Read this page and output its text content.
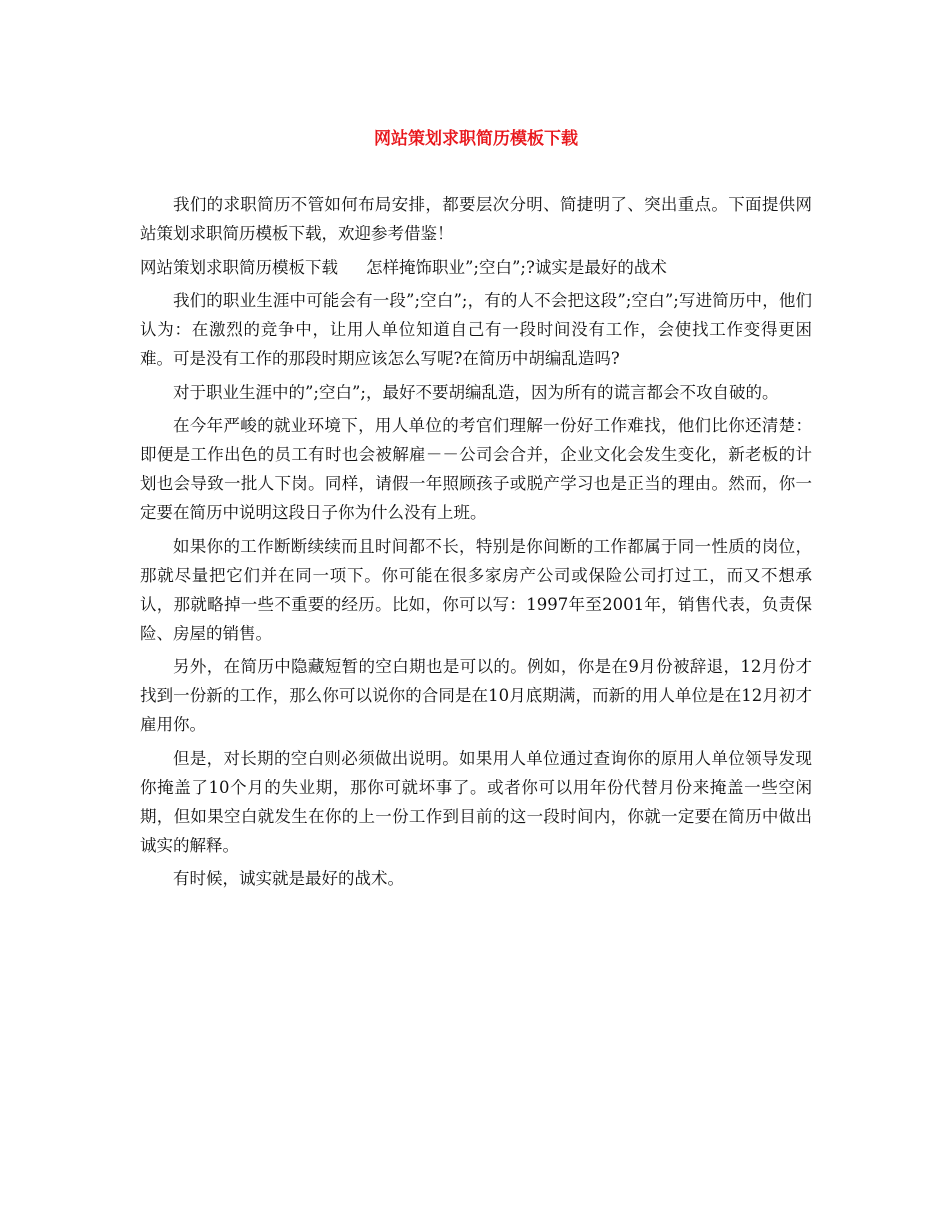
网站策划求职简历模板下载

我们的求职简历不管如何布局安排，都要层次分明、简捷明了、突出重点。下面提供网站策划求职简历模板下载，欢迎参考借鉴！

网站策划求职简历模板下载 怎样掩饰职业”;空白”;?诚实是最好的战术

我们的职业生涯中可能会有一段”;空白”;，有的人不会把这段”;空白”;写进简历中，他们认为：在激烈的竞争中，让用人单位知道自己有一段时间没有工作，会使找工作变得更困难。可是没有工作的那段时期应该怎么写呢?在简历中胡编乱造吗?

对于职业生涯中的”;空白”;，最好不要胡编乱造，因为所有的谎言都会不攻自破的。

在今年严峻的就业环境下，用人单位的考官们理解一份好工作难找，他们比你还清楚：即便是工作出色的员工有时也会被解雇－－公司会合并，企业文化会发生变化，新老板的计划也会导致一批人下岗。同样，请假一年照顾孩子或脱产学习也是正当的理由。然而，你一定要在简历中说明这段日子你为什么没有上班。

如果你的工作断断续续而且时间都不长，特别是你间断的工作都属于同一性质的岗位，那就尽量把它们并在同一项下。你可能在很多家房产公司或保险公司打过工，而又不想承认，那就略掉一些不重要的经历。比如，你可以写：1997年至2001年，销售代表，负责保险、房屋的销售。

另外，在简历中隐藏短暂的空白期也是可以的。例如，你是在9月份被辞退，12月份才找到一份新的工作，那么你可以说你的合同是在10月底期满，而新的用人单位是在12月初才雇用你。

但是，对长期的空白则必须做出说明。如果用人单位通过查询你的原用人单位领导发现你掩盖了10个月的失业期，那你可就坏事了。或者你可以用年份代替月份来掩盖一些空闲期，但如果空白就发生在你的上一份工作到目前的这一段时间内，你就一定要在简历中做出诚实的解释。

有时候，诚实就是最好的战术。
